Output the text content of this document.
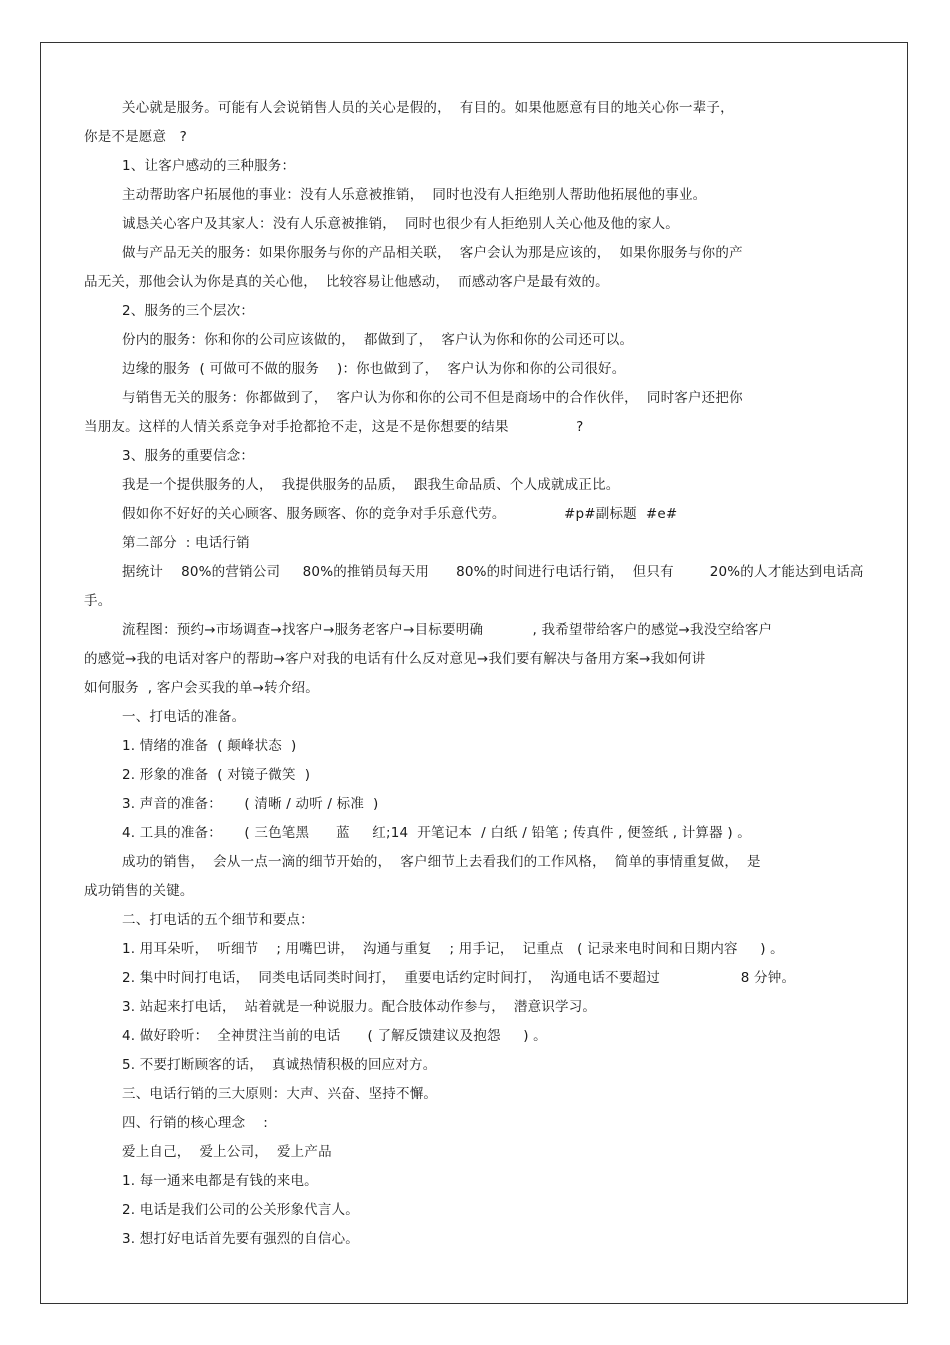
关心就是服务。可能有人会说销售人员的关心是假的，  有目的。如果他愿意有目的地关心你一辈子，
你是不是愿意   ?
1、让客户感动的三种服务：
主动帮助客户拓展他的事业：没有人乐意被推销，  同时也没有人拒绝别人帮助他拓展他的事业。
诚恳关心客户及其家人：没有人乐意被推销，  同时也很少有人拒绝别人关心他及他的家人。
做与产品无关的服务：如果你服务与你的产品相关联，  客户会认为那是应该的，  如果你服务与你的产
品无关，那他会认为你是真的关心他，  比较容易让他感动，  而感动客户是最有效的。
2、服务的三个层次：
份内的服务：你和你的公司应该做的，  都做到了，  客户认为你和你的公司还可以。
边缘的服务  ( 可做可不做的服务    )：你也做到了，  客户认为你和你的公司很好。
与销售无关的服务：你都做到了，  客户认为你和你的公司不但是商场中的合作伙伴，  同时客户还把你
当朋友。这样的人情关系竞争对手抢都抢不走，这是不是你想要的结果               ?
3、服务的重要信念：
我是一个提供服务的人，  我提供服务的品质，  跟我生命品质、个人成就成正比。
假如你不好好的关心顾客、服务顾客、你的竞争对手乐意代劳。             #p#副标题  #e#
第二部分  : 电话行销
据统计    80%的营销公司     80%的推销员每天用      80%的时间进行电话行销，  但只有        20%的人才能达到电话高
手。
流程图：预约→市场调查→找客户→服务老客户→目标要明确           , 我希望带给客户的感觉→我没空给客户
的感觉→我的电话对客户的帮助→客户对我的电话有什么反对意见→我们要有解决与备用方案→我如何讲
如何服务  , 客户会买我的单→转介绍。
一、打电话的准备。
1. 情绪的准备  ( 颠峰状态  )
2. 形象的准备  ( 对镜子微笑  )
3. 声音的准备：     ( 清晰 / 动听 / 标准  )
4. 工具的准备：     ( 三色笔黑      蓝     红;14  开笔记本  / 白纸 / 铅笔 ; 传真件 , 便签纸 , 计算器 ) 。
成功的销售，  会从一点一滴的细节开始的，  客户细节上去看我们的工作风格，  简单的事情重复做，  是
成功销售的关键。
二、打电话的五个细节和要点：
1. 用耳朵听，  听细节    ; 用嘴巴讲，  沟通与重复    ; 用手记，  记重点   ( 记录来电时间和日期内容     ) 。
2. 集中时间打电话，  同类电话同类时间打，  重要电话约定时间打，  沟通电话不要超过                  8 分钟。
3. 站起来打电话，  站着就是一种说服力。配合肢体动作参与，  潜意识学习。
4. 做好聆听：  全神贯注当前的电话      ( 了解反馈建议及抱怨     ) 。
5. 不要打断顾客的话，  真诚热情积极的回应对方。
三、电话行销的三大原则：大声、兴奋、坚持不懈。
四、行销的核心理念    :
爱上自己，  爱上公司，  爱上产品
1. 每一通来电都是有钱的来电。
2. 电话是我们公司的公关形象代言人。
3. 想打好电话首先要有强烈的自信心。
